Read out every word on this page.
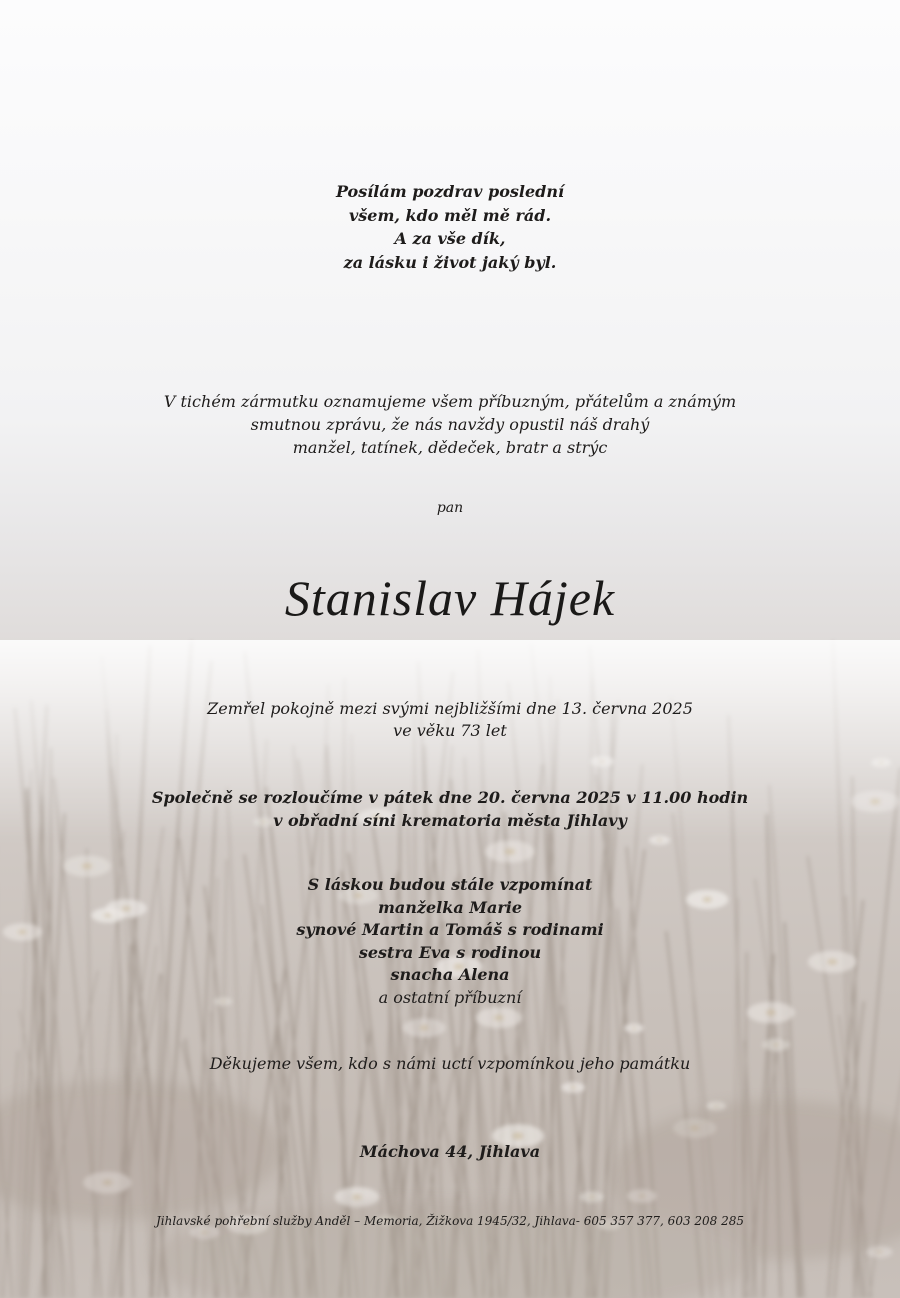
Posílám pozdrav poslední
všem, kdo měl mě rád.
A za vše dík,
za lásku i život jaký byl.
V tichém zármutku oznamujeme všem příbuzným, přátelům a známým
smutnou zprávu, že nás navždy opustil náš drahý
manžel, tatínek, dědeček, bratr a strýc
pan
Stanislav Hájek
Zemřel pokojně mezi svými nejbližšími dne 13. června 2025
ve věku 73 let
Společně se rozloučíme v pátek dne 20. června 2025 v 11.00 hodin
v obřadní síni krematoria města Jihlavy
S láskou budou stále vzpomínat
manželka Marie
synové Martin a Tomáš s rodinami
sestra Eva s rodinou
snacha Alena
a ostatní příbuzní
Děkujeme všem, kdo s námi uctí vzpomínkou jeho památku
Máchova 44, Jihlava
Jihlavské pohřební služby Anděl – Memoria, Žižkova 1945/32, Jihlava- 605 357 377, 603 208 285
